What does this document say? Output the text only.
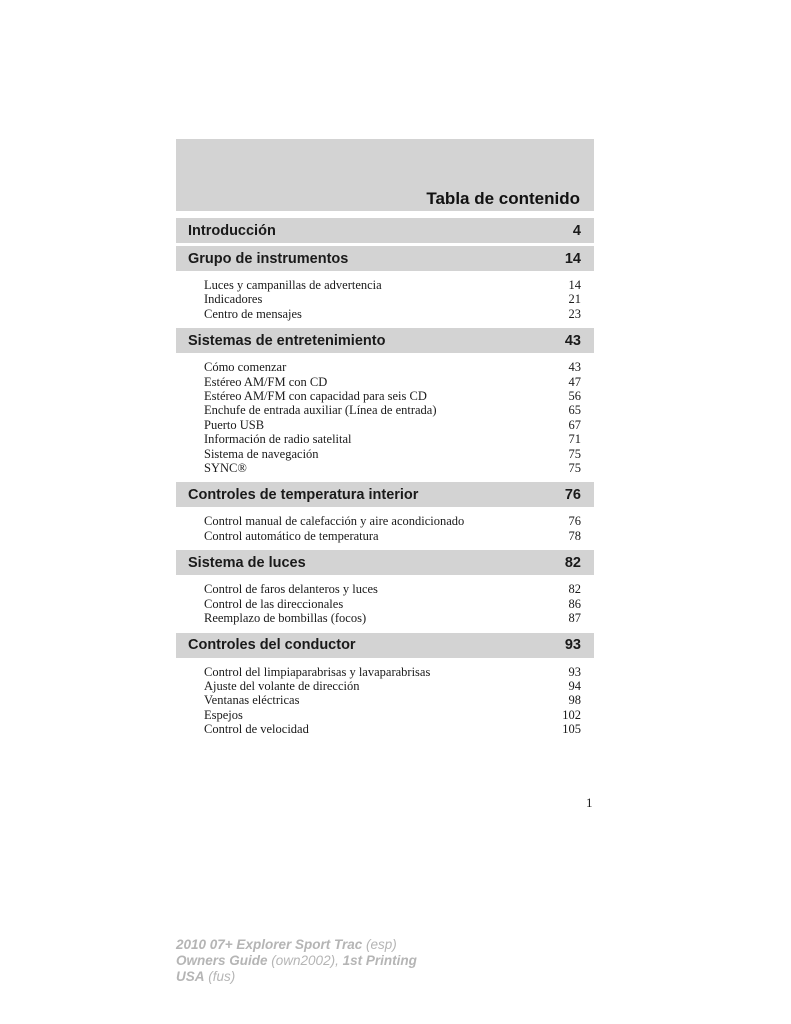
Tabla de contenido
Introducción	4
Grupo de instrumentos	14
Luces y campanillas de advertencia	14
Indicadores	21
Centro de mensajes	23
Sistemas de entretenimiento	43
Cómo comenzar	43
Estéreo AM/FM con CD	47
Estéreo AM/FM con capacidad para seis CD	56
Enchufe de entrada auxiliar (Línea de entrada)	65
Puerto USB	67
Información de radio satelital	71
Sistema de navegación	75
SYNC®	75
Controles de temperatura interior	76
Control manual de calefacción y aire acondicionado	76
Control automático de temperatura	78
Sistema de luces	82
Control de faros delanteros y luces	82
Control de las direccionales	86
Reemplazo de bombillas (focos)	87
Controles del conductor	93
Control del limpiaparabrisas y lavaparabrisas	93
Ajuste del volante de dirección	94
Ventanas eléctricas	98
Espejos	102
Control de velocidad	105
1
2010 07+ Explorer Sport Trac (esp)
Owners Guide (own2002), 1st Printing
USA (fus)
